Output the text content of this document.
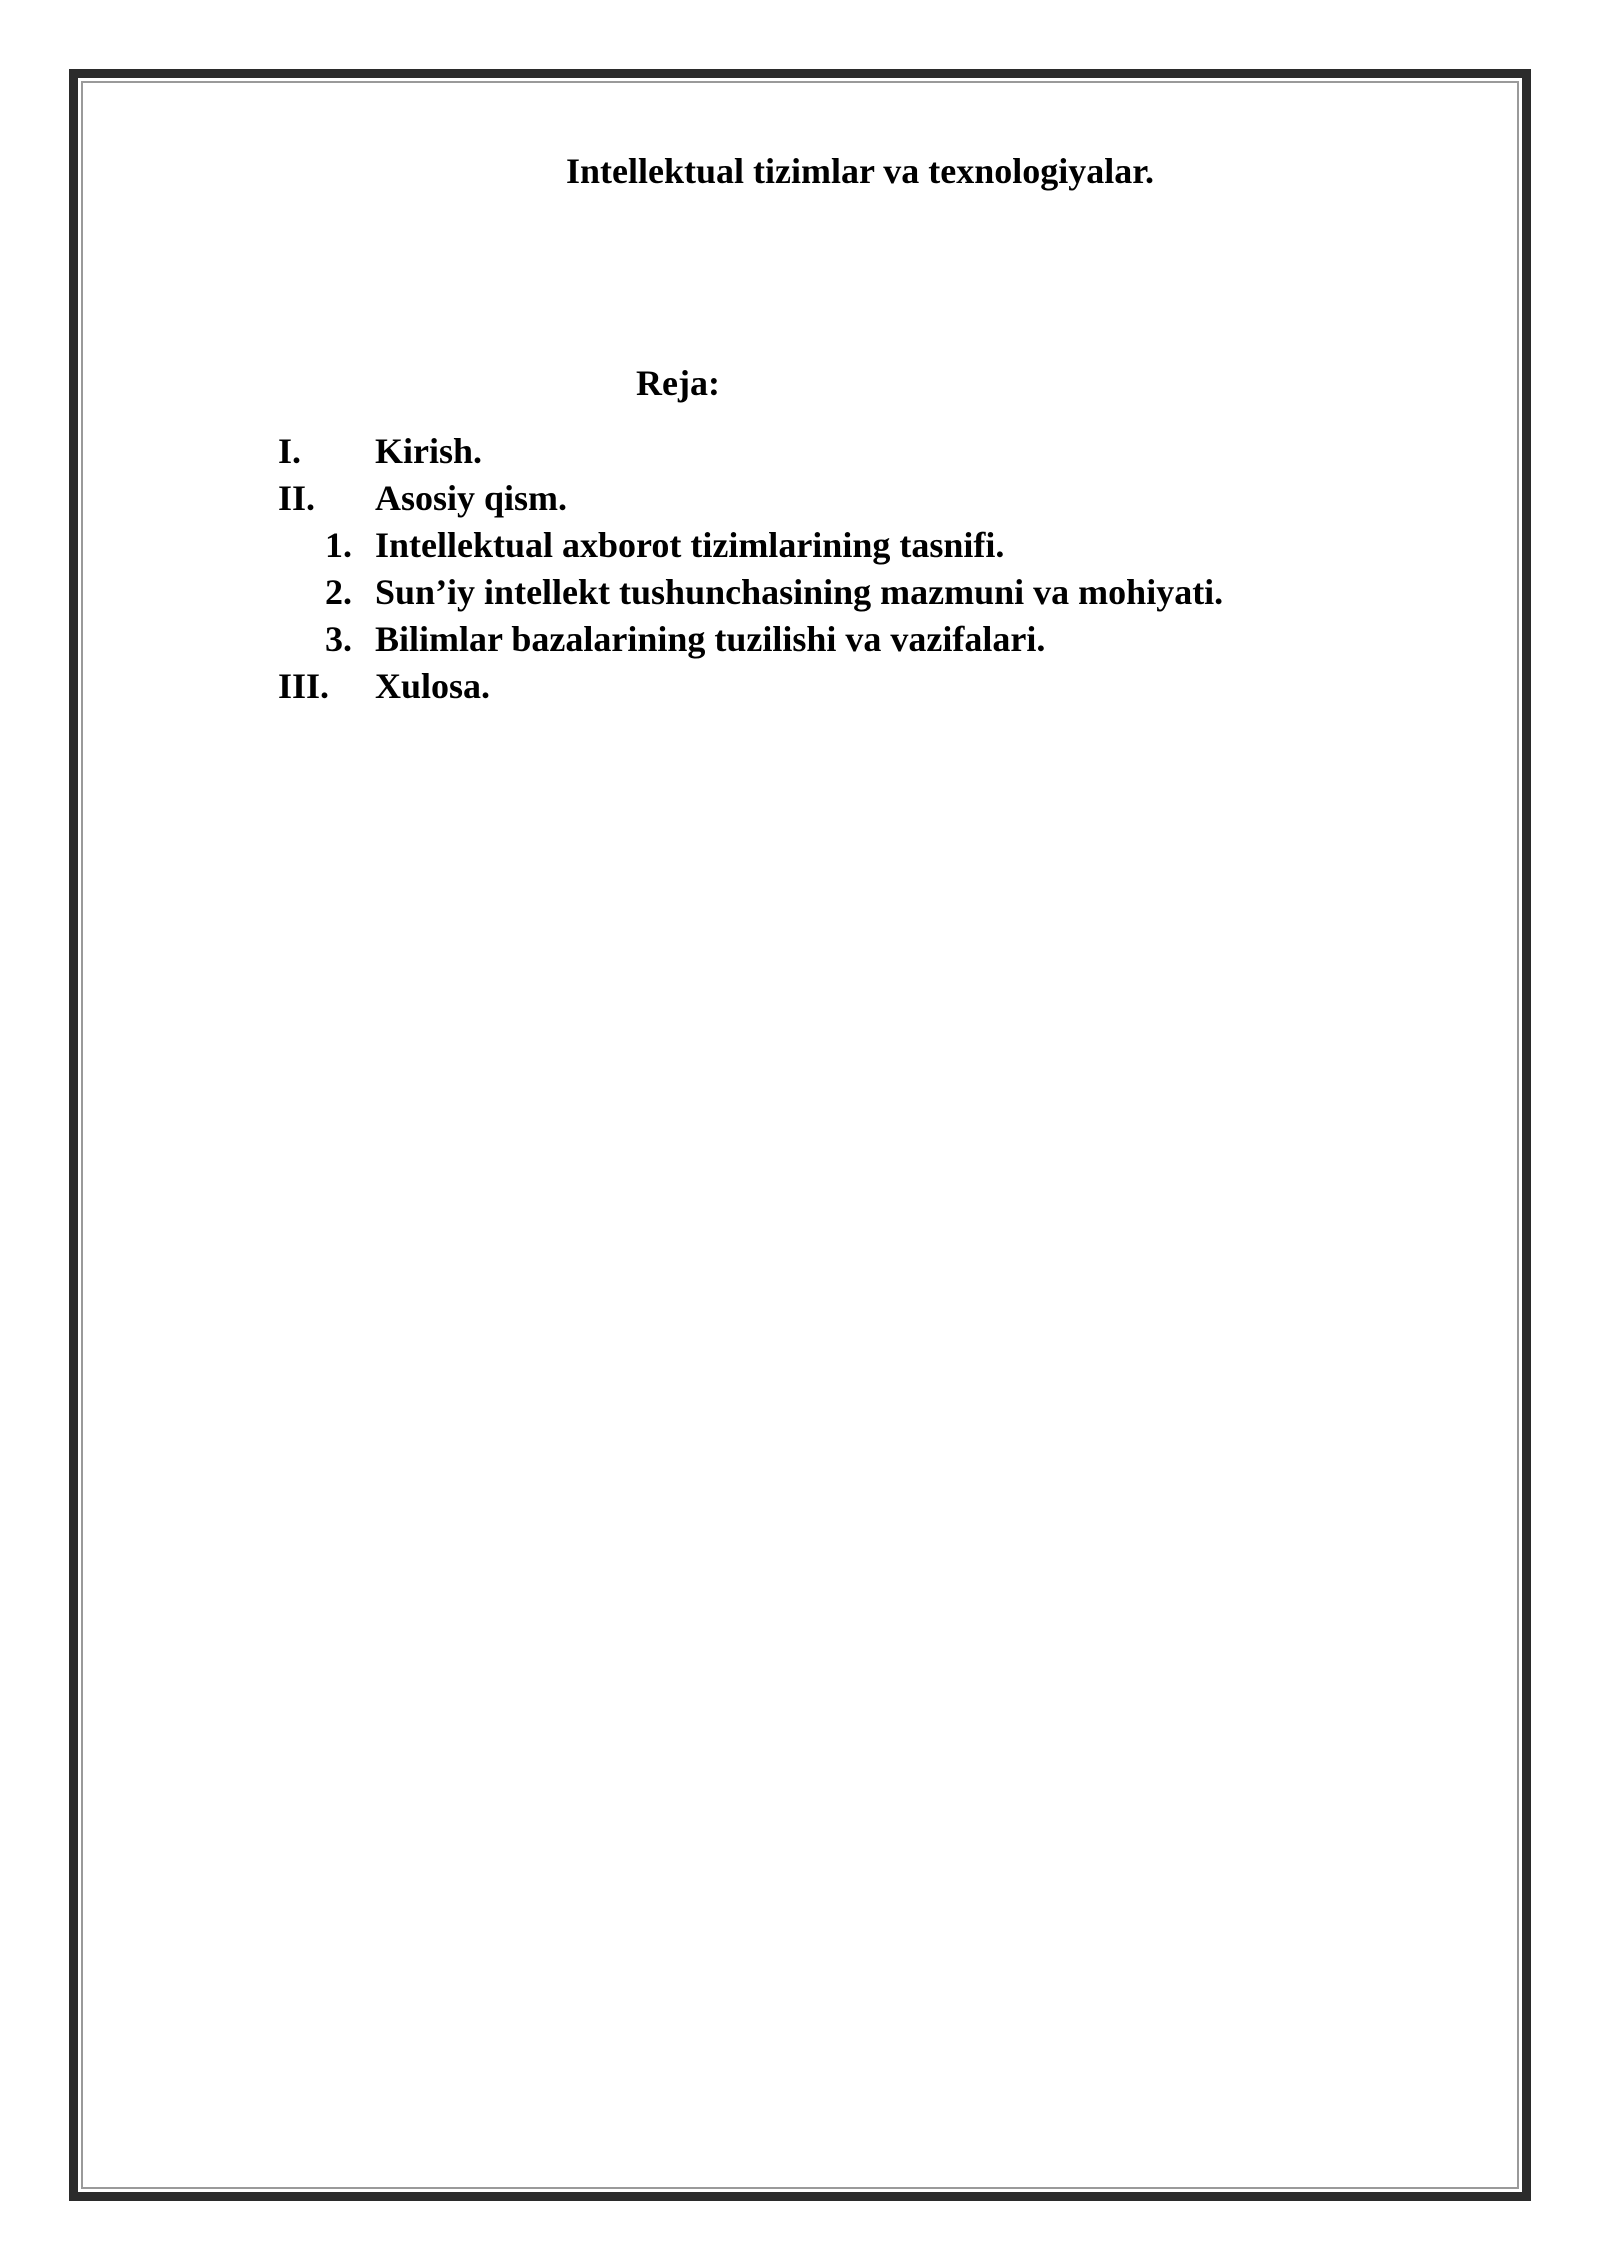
Intellektual tizimlar va texnologiyalar.
Reja:
I. Kirish.
II. Asosiy qism.
1. Intellektual axborot tizimlarining tasnifi.
2. Sun’iy intellekt tushunchasining mazmuni va mohiyati.
3. Bilimlar bazalarining tuzilishi va vazifalari.
III. Xulosa.
